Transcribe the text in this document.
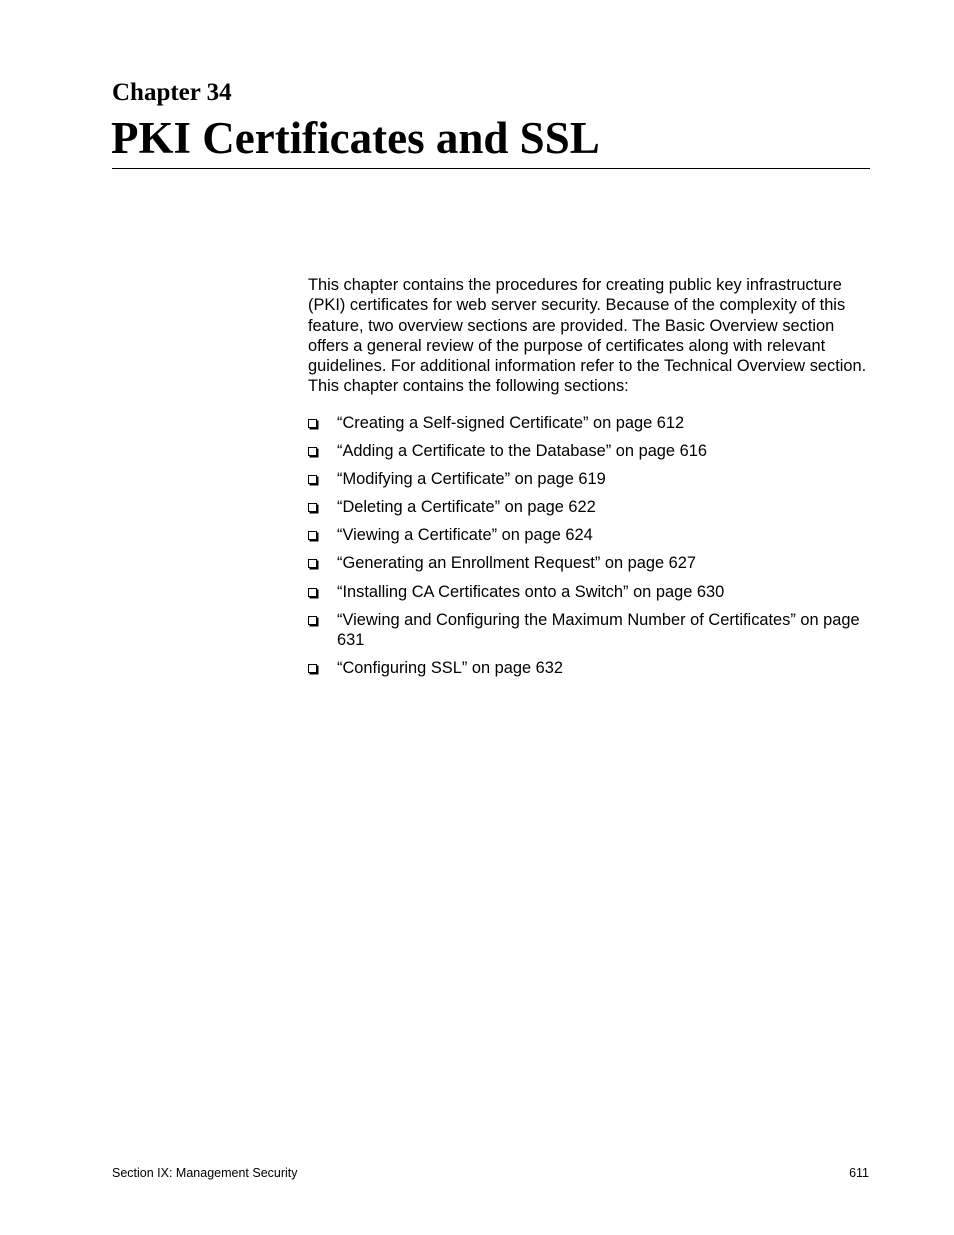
Chapter 34

PKI Certificates and SSL

This chapter contains the procedures for creating public key infrastructure (PKI) certificates for web server security. Because of the complexity of this feature, two overview sections are provided. The Basic Overview section offers a general review of the purpose of certificates along with relevant guidelines. For additional information refer to the Technical Overview section. This chapter contains the following sections:

“Creating a Self-signed Certificate” on page 612
“Adding a Certificate to the Database” on page 616
“Modifying a Certificate” on page 619
“Deleting a Certificate” on page 622
“Viewing a Certificate” on page 624
“Generating an Enrollment Request” on page 627
“Installing CA Certificates onto a Switch” on page 630
“Viewing and Configuring the Maximum Number of Certificates” on page 631
“Configuring SSL” on page 632

Section IX: Management Security	611
